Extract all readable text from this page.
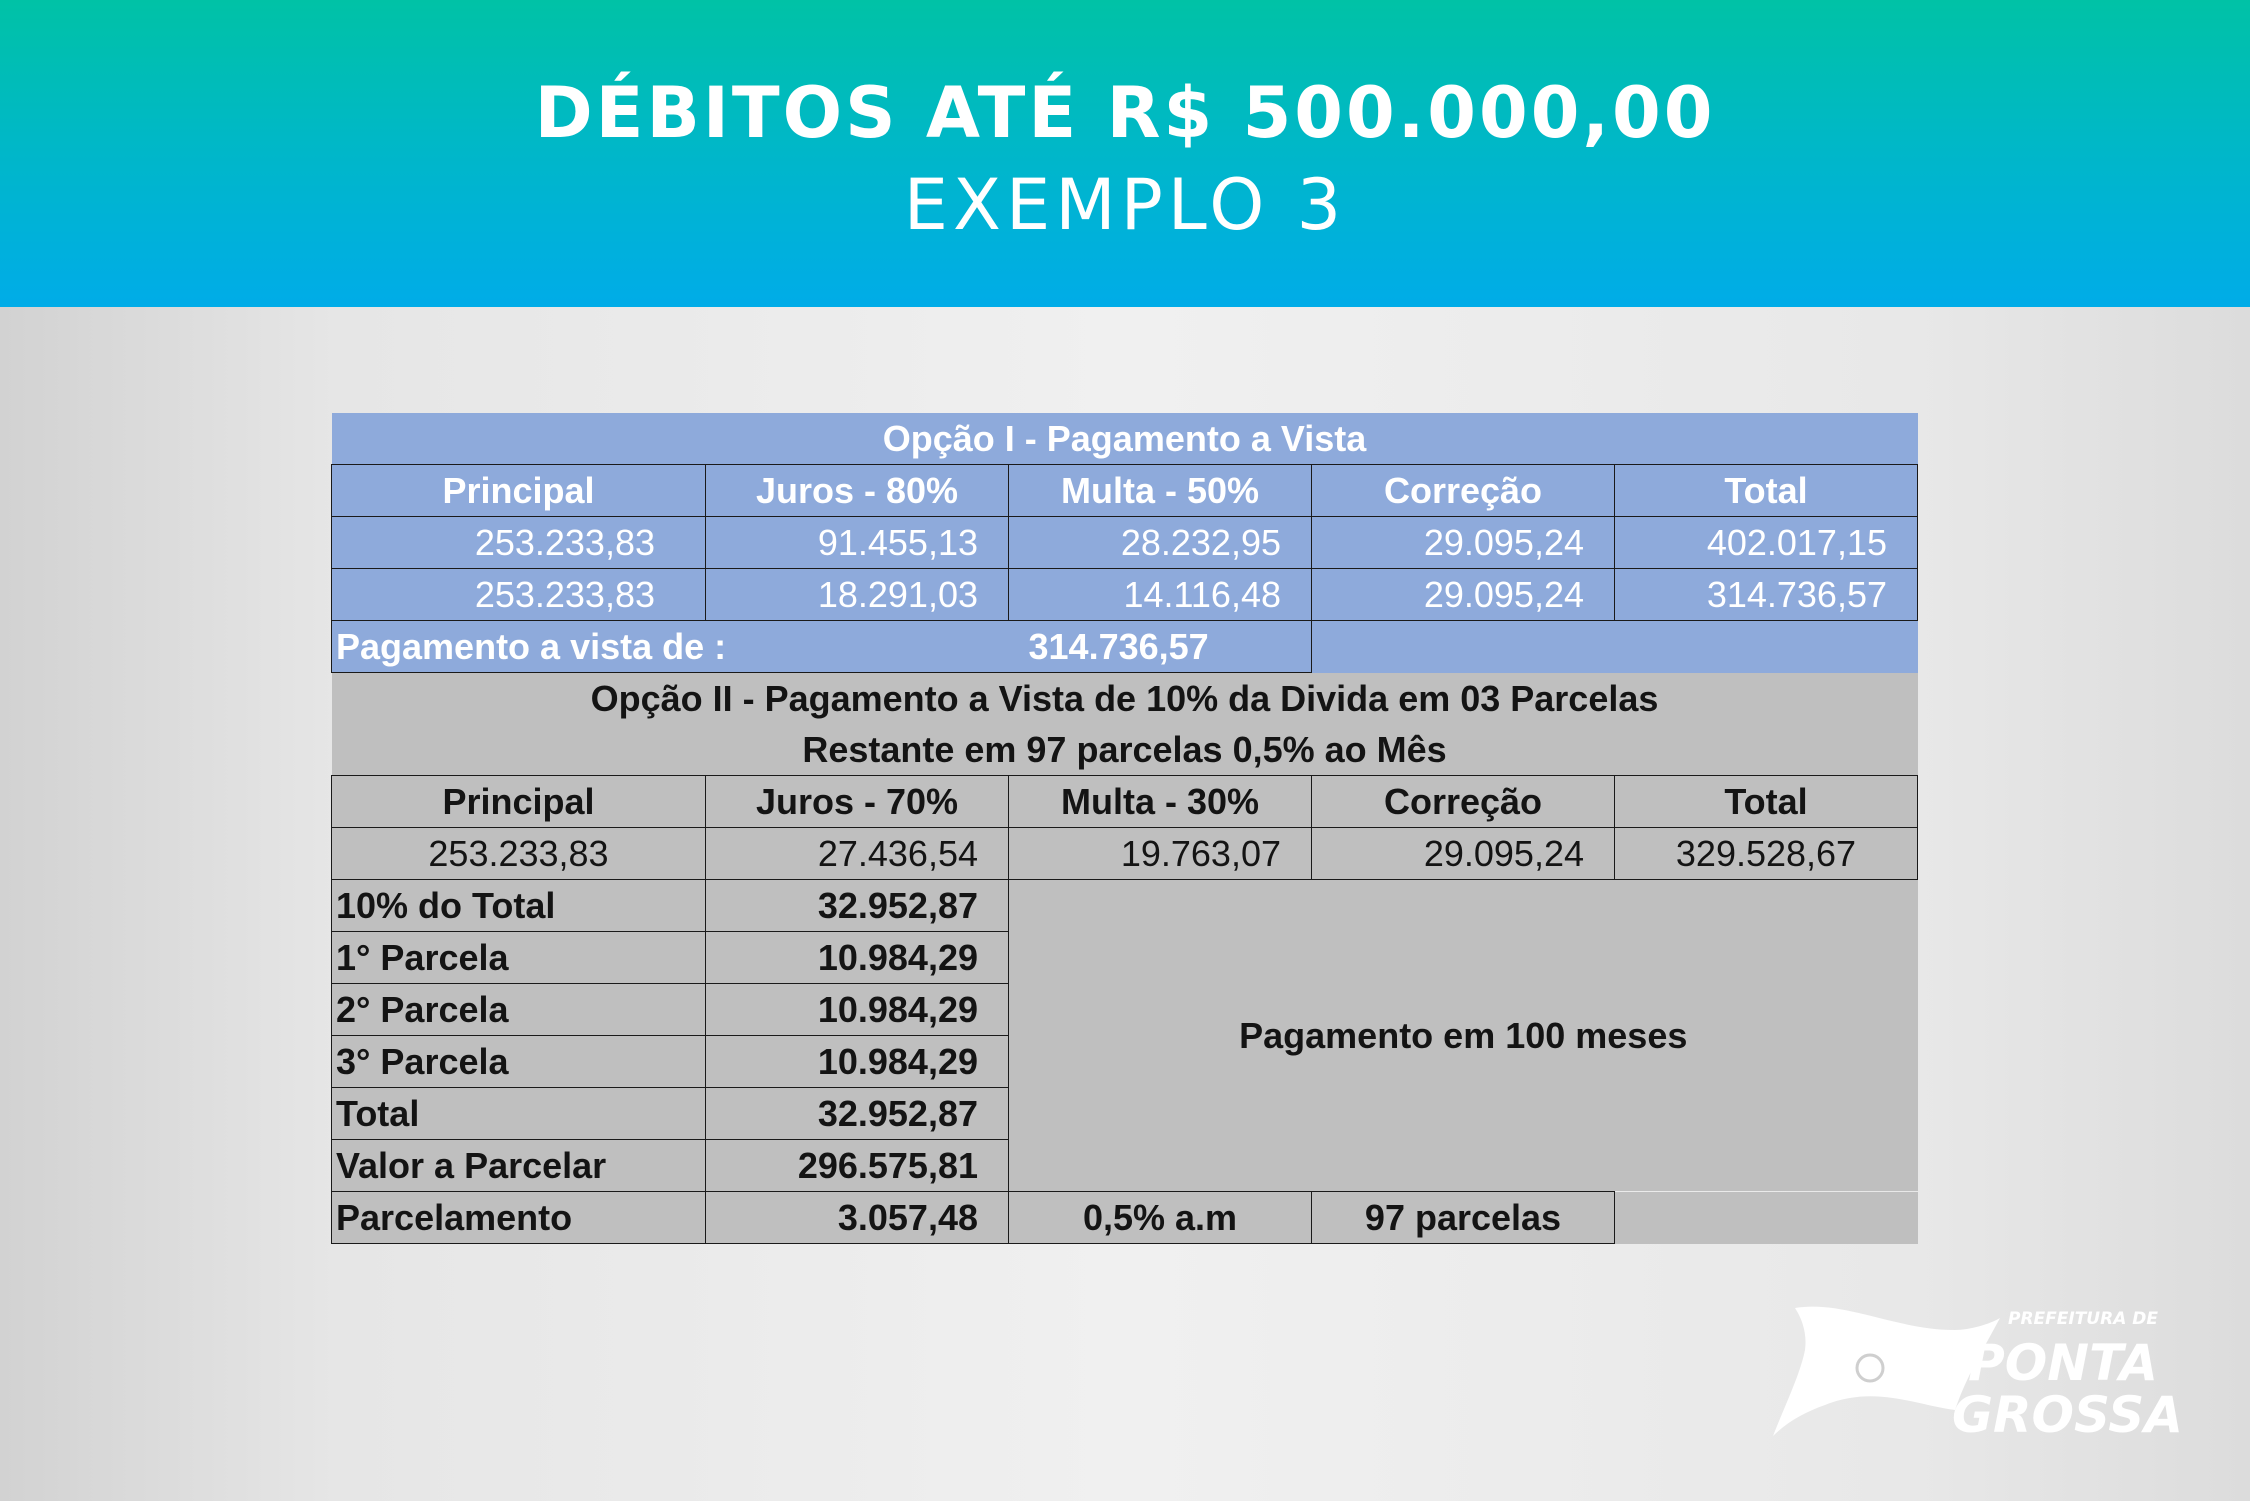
DÉBITOS ATÉ R$ 500.000,00
EXEMPLO 3
Opção I - Pagamento a Vista				
Principal	Juros - 80%	Multa - 50%	Correção	Total
253.233,83	91.455,13	28.232,95	29.095,24	402.017,15
253.233,83	18.291,03	14.116,48	29.095,24	314.736,57
Pagamento a vista de :		314.736,57		
Opção II - Pagamento a Vista de 10% da Divida em 03 Parcelas				
Restante em 97 parcelas 0,5% ao Mês				
Principal	Juros - 70%	Multa - 30%	Correção	Total
253.233,83	27.436,54	19.763,07	29.095,24	329.528,67
10% do Total	32.952,87	Pagamento em 100 meses		
1° Parcela	10.984,29			
2° Parcela	10.984,29			
3° Parcela	10.984,29			
Total	32.952,87			
Valor a Parcelar	296.575,81			
Parcelamento	3.057,48	0,5% a.m	97 parcelas	
PREFEITURA DE
PONTA
GROSSA
